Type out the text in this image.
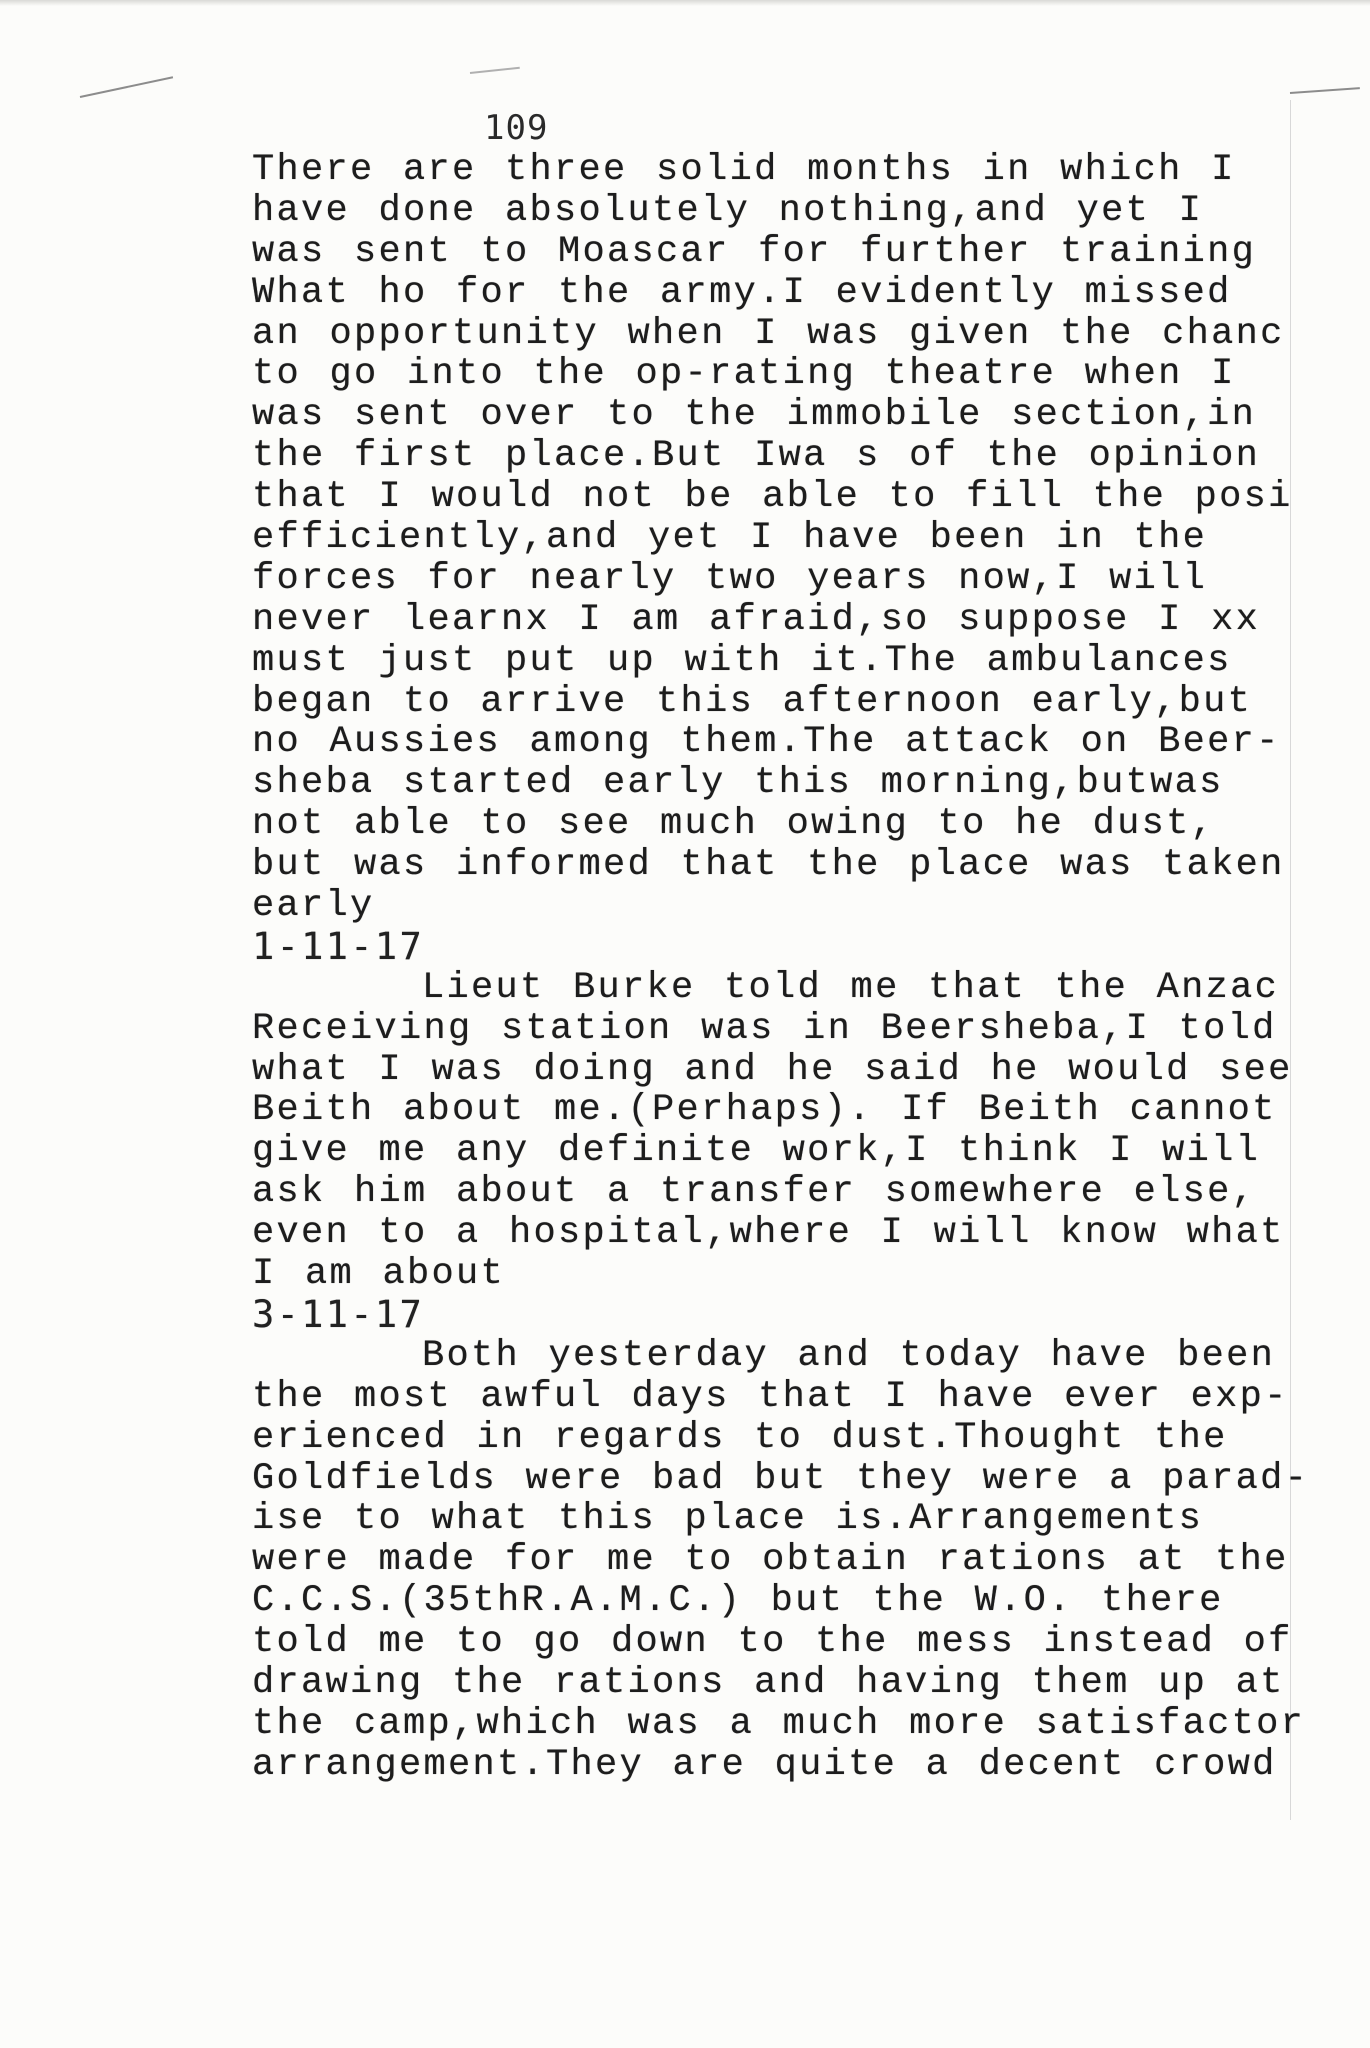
109
There are three solid months in which I
have done absolutely nothing,and yet I
was sent to Moascar for further training
What ho for the army.I evidently missed
an opportunity when I was given the chanc
to go into the op-rating theatre when I
was sent over to the immobile section,in
the first place.But Iwa s of the opinion
that I would not be able to fill the posi
efficiently,and yet I have been in the
forces for nearly two years now,I will
never learnx I am afraid,so suppose I xx
must just put up with it.The ambulances
began to arrive this afternoon early,but
no Aussies among them.The attack on Beer-
sheba started early this morning,butwas
not able to see much owing to he dust,
but was informed that the place was taken
early
1-11-17
Lieut Burke told me that the Anzac
Receiving station was in Beersheba,I told
what I was doing and he said he would see
Beith about me.(Perhaps). If Beith cannot
give me any definite work,I think I will
ask him about a transfer somewhere else,
even to a hospital,where I will know what
I am about
3-11-17
Both yesterday and today have been
the most awful days that I have ever exp-
erienced in regards to dust.Thought the
Goldfields were bad but they were a parad-
ise to what this place is.Arrangements
were made for me to obtain rations at the
C.C.S.(35thR.A.M.C.) but the W.O. there
told me to go down to the mess instead of
drawing the rations and having them up at
the camp,which was a much more satisfactor
arrangement.They are quite a decent crowd
